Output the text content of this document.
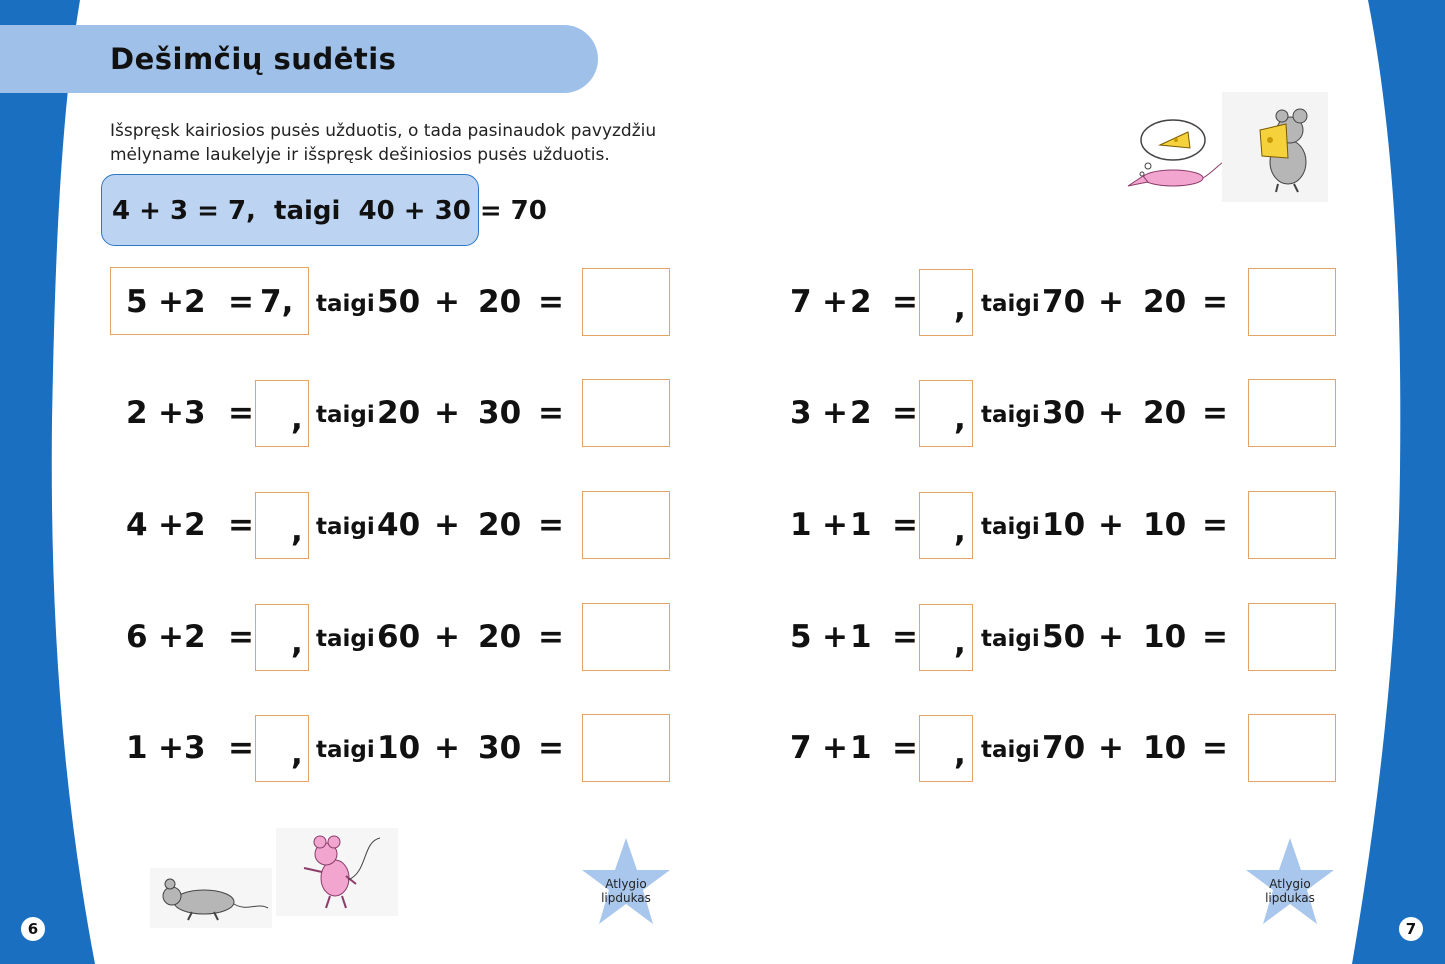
Dešimčių sudėtis
Išspręsk kairiosios pusės užduotis, o tada pasinaudok pavyzdžiu
mėlyname laukelyje ir išspręsk dešiniosios pusės užduotis.
4 + 3 = 7,  taigi  40 + 30 = 70
5 + 2 = 7, taigi 50 + 20 =
2 + 3 = , taigi 20 + 30 =
4 + 2 = , taigi 40 + 20 =
6 + 2 = , taigi 60 + 20 =
1 + 3 = , taigi 10 + 30 =
7 + 2 = , taigi 70 + 20 =
3 + 2 = , taigi 30 + 20 =
1 + 1 = , taigi 10 + 10 =
5 + 1 = , taigi 50 + 10 =
7 + 1 = , taigi 70 + 10 =
Atlygio
lipdukas
Atlygio
lipdukas
6	7
